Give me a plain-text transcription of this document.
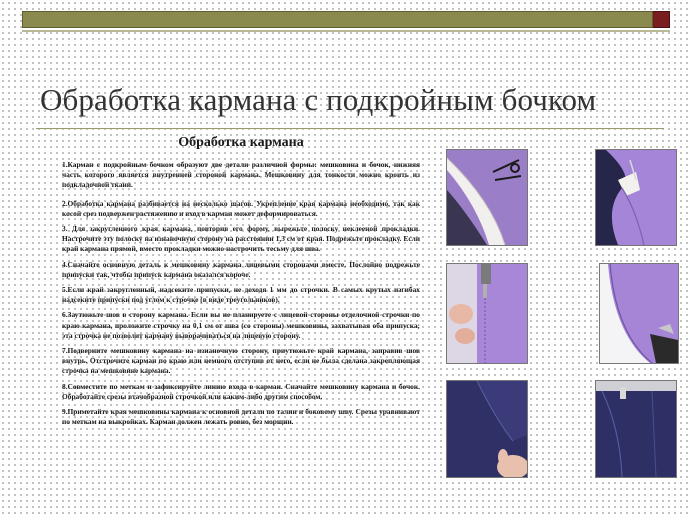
Обработка кармана с подкройным бочком
Обработка кармана

1.Карман с подкройным бочком образуют две детали различной формы: мешковина и бочок, нижняя часть которого является внутренней стороной кармана. Мешковину для тонкости можно кроить из подкладочной ткани.

2.Обработка кармана разбивается на несколько шагов. Укрепление края кармана необходимо, так как косой срез подвержен растяжению и вход в карман может деформироваться.

3. Для закругленного края кармана, повторив его форму, вырежьте полоску неклееной прокладки. Настрочите эту полоску на изнаночную сторону на расстоянии 1,3 см от края. Подрежьте прокладку. Если край кармана прямой, вместо прокладки можно настрочить тесьму для шва.

4.Сначайте основную деталь к мешковину кармана лицевыми сторонами вместе. Послойно подрежьте припуски так, чтобы припуск кармана оказался короче.

5.Если край закругленный, надсеките припуски, не доходя 1 мм до строчки. В самых крутых изгибах надсеките припуски под углом к строчке (в виде треугольников).

6.Заутюжьте шов в сторону кармана. Если вы не планируете с лицевой стороны отделочной строчки по краю кармана, проложите строчку на 0,1 см от шва (со стороны) мешковины, захватывая оба припуска; эта строчка не позволит карману выворачиваться на лицевую сторону.

7.Подверните мешковину кармана на изнаночную сторону, приутюжьте край кармана, заправив шов внутрь. Отстрочите карман по краю или немного отступив от него, если не была сделана закрепляющая строчка на мешковине кармана.

8.Совместите по меткам и зафиксируйте линию входа в карман. Сначайте мешковину кармана и бочок. Обработайте срезы втачобразной строчкой или каким-либо другим способом.

9.Приметайте края мешковины кармана к основной детали по талии и боковому шву. Срезы уравнивают по меткам на выкройках. Карман должен лежать ровно, без морщин.
